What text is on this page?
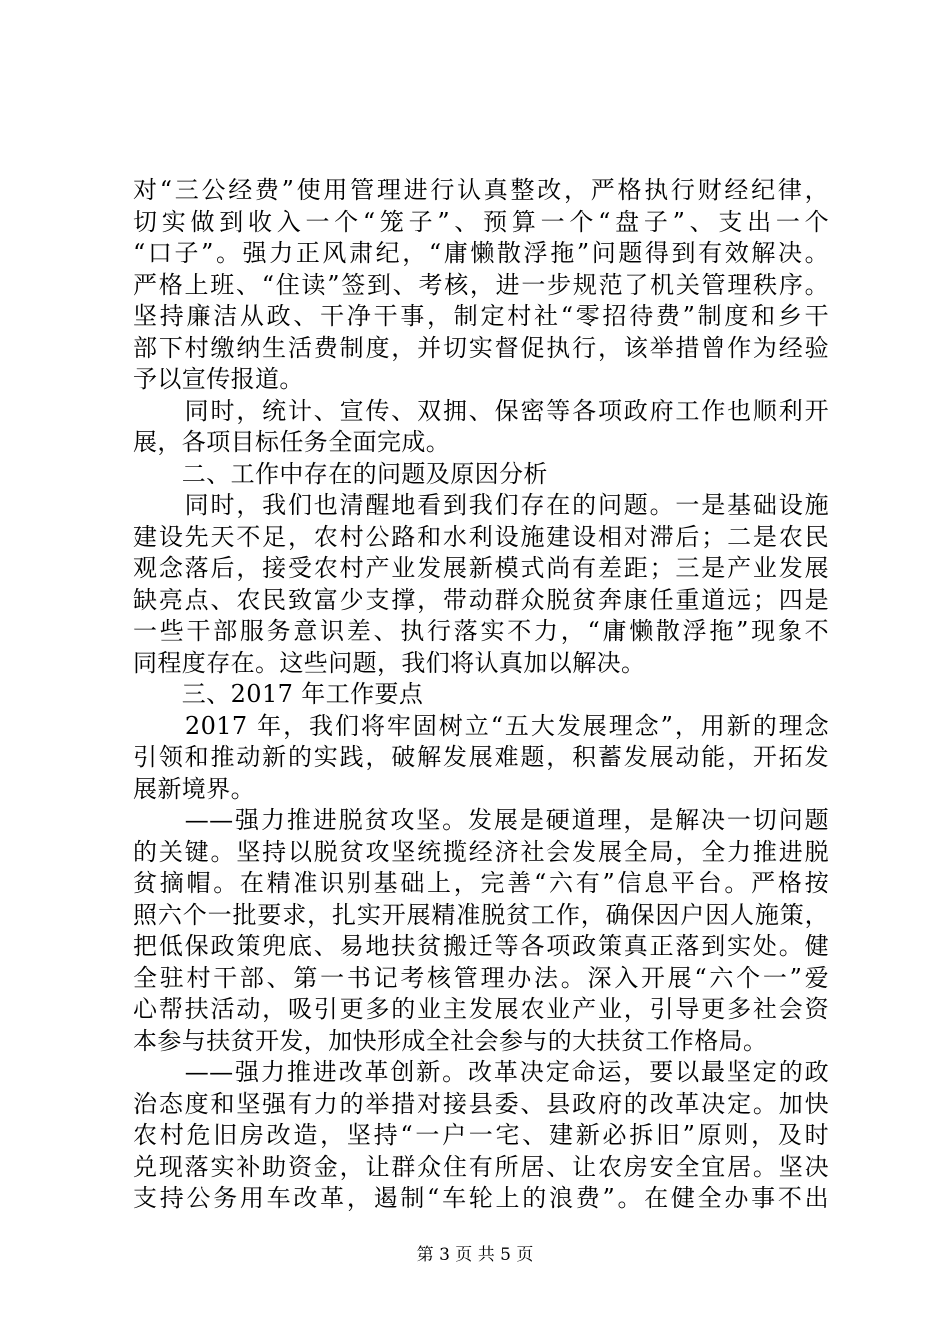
对“三公经费”使用管理进行认真整改，严格执行财经纪律，
切实做到收入一个“笼子”、预算一个“盘子”、支出一个
“口子”。强力正风肃纪，“庸懒散浮拖”问题得到有效解决。
严格上班、“住读”签到、考核，进一步规范了机关管理秩序。
坚持廉洁从政、干净干事，制定村社“零招待费”制度和乡干
部下村缴纳生活费制度，并切实督促执行，该举措曾作为经验
予以宣传报道。
　　同时，统计、宣传、双拥、保密等各项政府工作也顺利开
展，各项目标任务全面完成。
　　二、工作中存在的问题及原因分析
　　同时，我们也清醒地看到我们存在的问题。一是基础设施
建设先天不足，农村公路和水利设施建设相对滞后；二是农民
观念落后，接受农村产业发展新模式尚有差距；三是产业发展
缺亮点、农民致富少支撑，带动群众脱贫奔康任重道远；四是
一些干部服务意识差、执行落实不力，“庸懒散浮拖”现象不
同程度存在。这些问题，我们将认真加以解决。
　　三、2017 年工作要点
　　2017 年，我们将牢固树立“五大发展理念”，用新的理念
引领和推动新的实践，破解发展难题，积蓄发展动能，开拓发
展新境界。
　　——强力推进脱贫攻坚。发展是硬道理，是解决一切问题
的关键。坚持以脱贫攻坚统揽经济社会发展全局，全力推进脱
贫摘帽。在精准识别基础上，完善“六有”信息平台。严格按
照六个一批要求，扎实开展精准脱贫工作，确保因户因人施策，
把低保政策兜底、易地扶贫搬迁等各项政策真正落到实处。健
全驻村干部、第一书记考核管理办法。深入开展“六个一”爱
心帮扶活动，吸引更多的业主发展农业产业，引导更多社会资
本参与扶贫开发，加快形成全社会参与的大扶贫工作格局。
　　——强力推进改革创新。改革决定命运，要以最坚定的政
治态度和坚强有力的举措对接县委、县政府的改革决定。加快
农村危旧房改造，坚持“一户一宅、建新必拆旧”原则，及时
兑现落实补助资金，让群众住有所居、让农房安全宜居。坚决
支持公务用车改革，遏制“车轮上的浪费”。在健全办事不出
第 3 页 共 5 页
